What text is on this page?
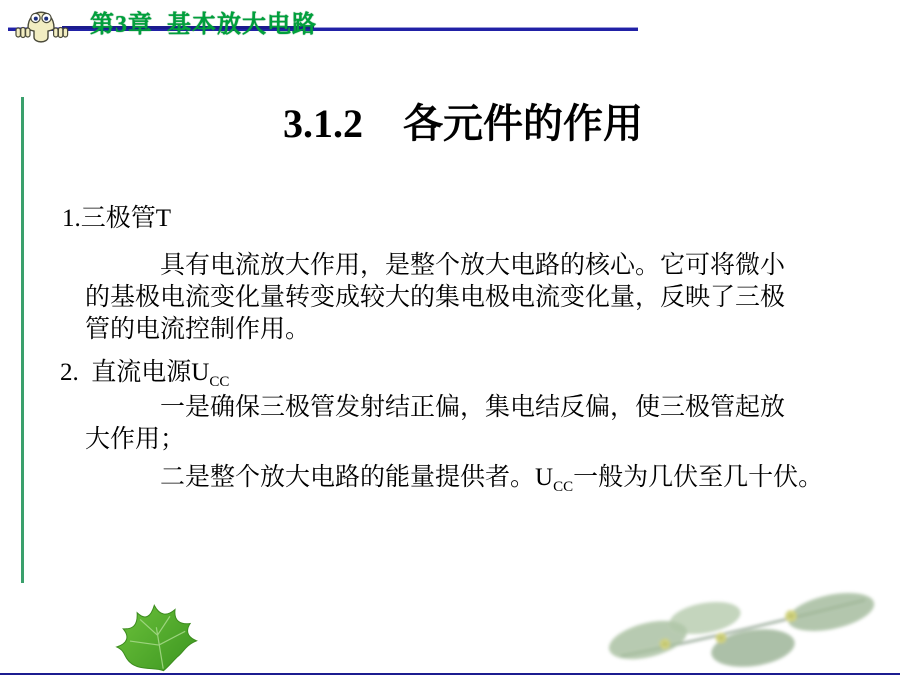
第3章  基本放大电路
3.1.2    各元件的作用
1.三极管T
具有电流放大作用，是整个放大电路的核心。它可将微小的基极电流变化量转变成较大的集电极电流变化量，反映了三极管的电流控制作用。
2.  直流电源$U_{CC}$
一是确保三极管发射结正偏，集电结反偏，使三极管起放大作用；
二是整个放大电路的能量提供者。$U_{CC}$一般为几伏至几十伏。
